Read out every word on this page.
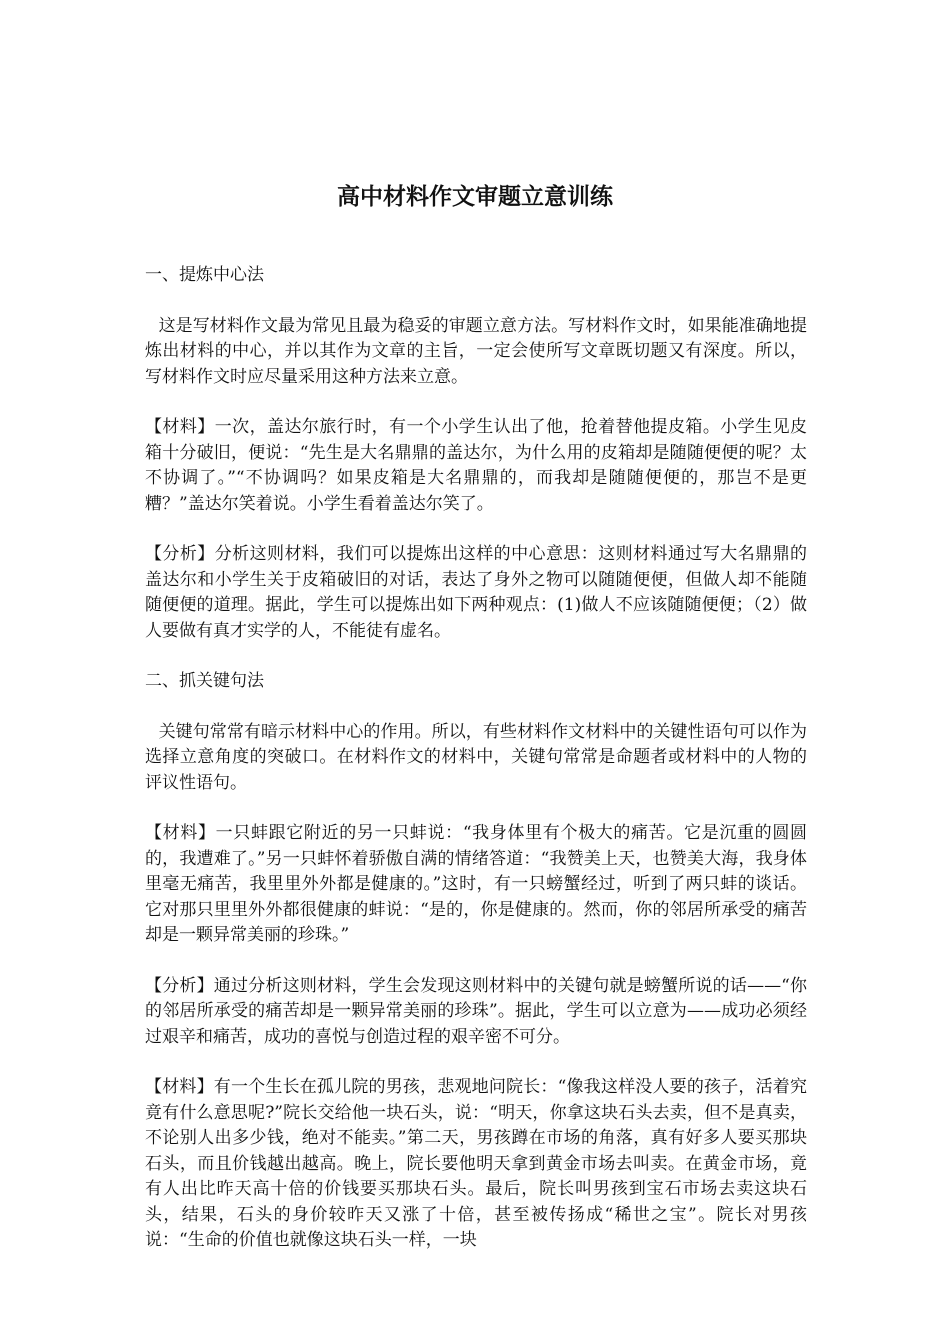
高中材料作文审题立意训练
一、提炼中心法

这是写材料作文最为常见且最为稳妥的审题立意方法。写材料作文时，如果能准确地提炼出材料的中心，并以其作为文章的主旨，一定会使所写文章既切题又有深度。所以，写材料作文时应尽量采用这种方法来立意。

【材料】一次，盖达尔旅行时，有一个小学生认出了他，抢着替他提皮箱。小学生见皮箱十分破旧，便说：“先生是大名鼎鼎的盖达尔，为什么用的皮箱却是随随便便的呢？太不协调了。”“不协调吗？如果皮箱是大名鼎鼎的，而我却是随随便便的，那岂不是更糟？”盖达尔笑着说。小学生看着盖达尔笑了。

【分析】分析这则材料，我们可以提炼出这样的中心意思：这则材料通过写大名鼎鼎的盖达尔和小学生关于皮箱破旧的对话，表达了身外之物可以随随便便，但做人却不能随随便便的道理。据此，学生可以提炼出如下两种观点：(1)做人不应该随随便便；（2）做人要做有真才实学的人，不能徒有虚名。

二、抓关键句法

关键句常常有暗示材料中心的作用。所以，有些材料作文材料中的关键性语句可以作为选择立意角度的突破口。在材料作文的材料中，关键句常常是命题者或材料中的人物的评议性语句。

【材料】一只蚌跟它附近的另一只蚌说：“我身体里有个极大的痛苦。它是沉重的圆圆的，我遭难了。”另一只蚌怀着骄傲自满的情绪答道：“我赞美上天，也赞美大海，我身体里毫无痛苦，我里里外外都是健康的。”这时，有一只螃蟹经过，听到了两只蚌的谈话。它对那只里里外外都很健康的蚌说：“是的，你是健康的。然而，你的邻居所承受的痛苦却是一颗异常美丽的珍珠。”

【分析】通过分析这则材料，学生会发现这则材料中的关键句就是螃蟹所说的话——“你的邻居所承受的痛苦却是一颗异常美丽的珍珠”。据此，学生可以立意为——成功必须经过艰辛和痛苦，成功的喜悦与创造过程的艰辛密不可分。

【材料】有一个生长在孤儿院的男孩，悲观地问院长：“像我这样没人要的孩子，活着究竟有什么意思呢?”院长交给他一块石头，说：“明天，你拿这块石头去卖，但不是真卖，不论别人出多少钱，绝对不能卖。”第二天，男孩蹲在市场的角落，真有好多人要买那块石头，而且价钱越出越高。晚上，院长要他明天拿到黄金市场去叫卖。在黄金市场，竟有人出比昨天高十倍的价钱要买那块石头。最后，院长叫男孩到宝石市场去卖这块石头，结果，石头的身价较昨天又涨了十倍，甚至被传扬成“稀世之宝”。院长对男孩说：“生命的价值也就像这块石头一样，一块
